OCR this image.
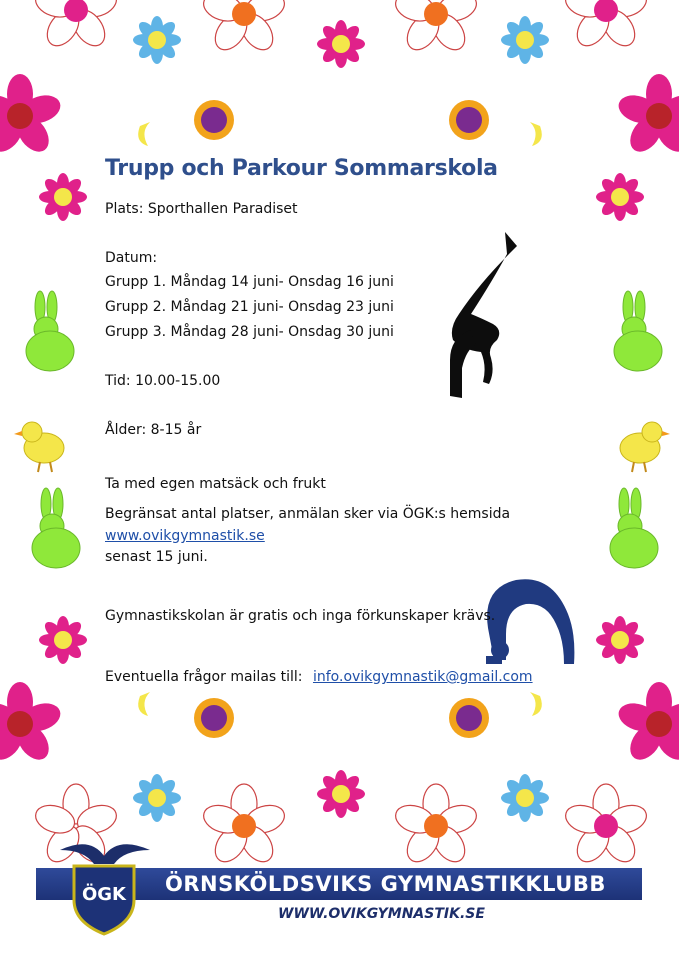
Trupp och Parkour Sommarskola
Plats: Sporthallen Paradiset
Datum:
Grupp 1. Måndag 14 juni- Onsdag 16 juni
Grupp 2. Måndag 21 juni- Onsdag 23 juni
Grupp 3. Måndag 28 juni- Onsdag 30 juni
Tid: 10.00-15.00
Ålder: 8-15 år
Ta med egen matsäck och frukt
Begränsat antal platser, anmälan sker via ÖGK:s hemsida
www.ovikgymnastik.se
senast 15 juni.
Gymnastikskolan är gratis och inga förkunskaper krävs.
Eventuella frågor mailas till: info.ovikgymnastik@gmail.com
ÖGK ÖRNSKÖLDSVIKS GYMNASTIKKLUBB
WWW.OVIKGYMNASTIK.SE
